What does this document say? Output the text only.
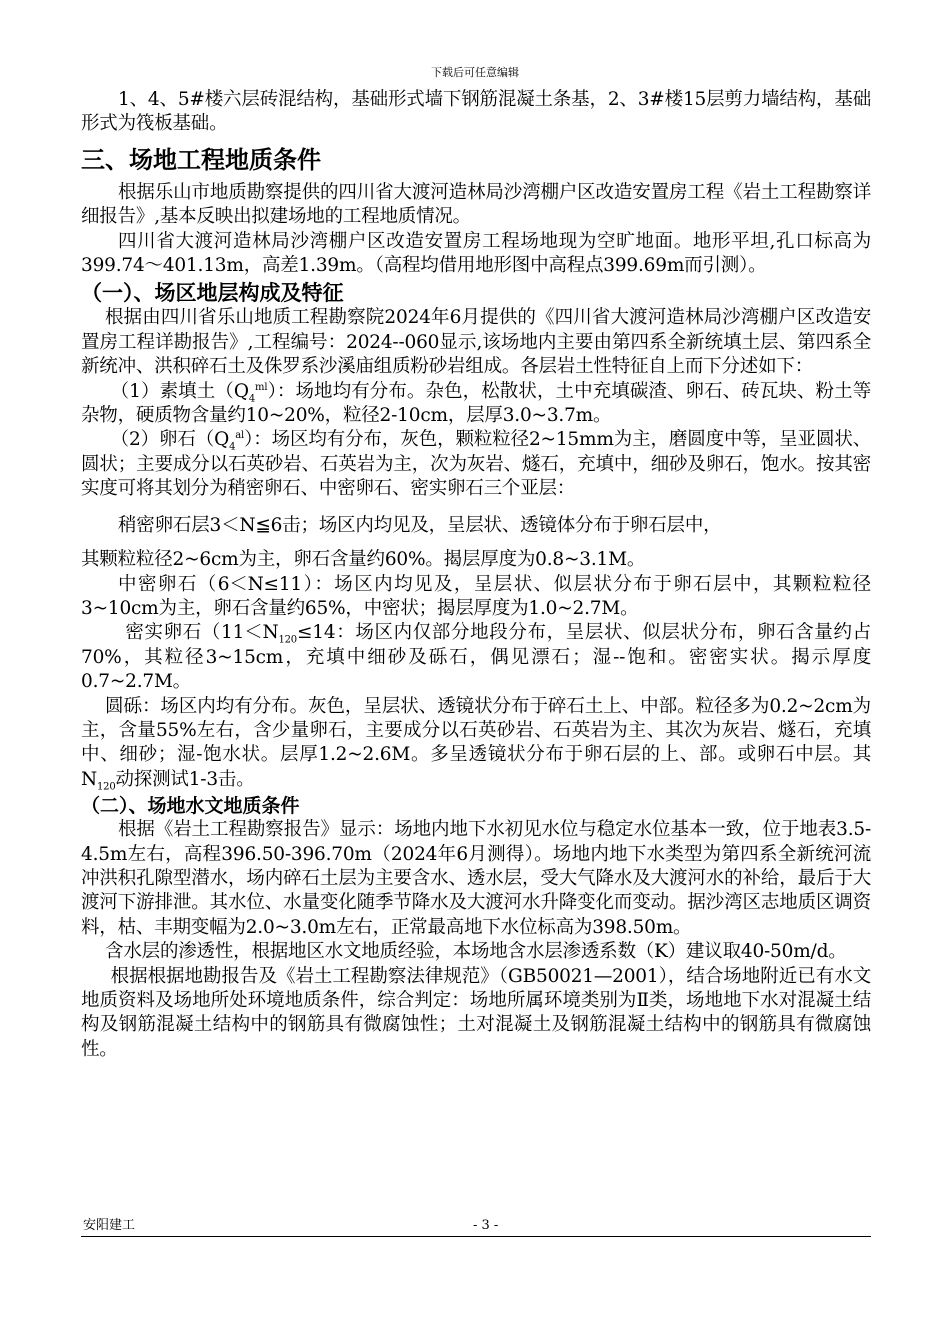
下载后可任意编辑

1、4、5#楼六层砖混结构，基础形式墙下钢筋混凝土条基，2、3#楼15层剪力墙结构，基础形式为筏板基础。

三、场地工程地质条件

根据乐山市地质勘察提供的四川省大渡河造林局沙湾棚户区改造安置房工程《岩土工程勘察详细报告》,基本反映出拟建场地的工程地质情况。

四川省大渡河造林局沙湾棚户区改造安置房工程场地现为空旷地面。地形平坦,孔口标高为399.74～401.13m，高差1.39m。（高程均借用地形图中高程点399.69m而引测）。

（一）、场区地层构成及特征

根据由四川省乐山地质工程勘察院2024年6月提供的《四川省大渡河造林局沙湾棚户区改造安置房工程详勘报告》,工程编号：2024--060显示,该场地内主要由第四系全新统填土层、第四系全新统冲、洪积碎石土及侏罗系沙溪庙组质粉砂岩组成。各层岩土性特征自上而下分述如下：

（1）素填土$(Q_4^{ml})$：场地均有分布。杂色，松散状，土中充填碳渣、卵石、砖瓦块、粉土等杂物，硬质物含量约10~20%，粒径2-10cm，层厚3.0~3.7m。

（2）卵石$(Q_4^{al})$：场区均有分布，灰色，颗粒粒径2~15mm为主，磨圆度中等，呈亚圆状、圆状；主要成分以石英砂岩、石英岩为主，次为灰岩、燧石，充填中，细砂及卵石，饱水。按其密实度可将其划分为稍密卵石、中密卵石、密实卵石三个亚层：

稍密卵石层3＜N≦6击；场区内均见及，呈层状、透镜体分布于卵石层中，

其颗粒粒径2~6cm为主，卵石含量约60%。揭层厚度为0.8~3.1M。

中密卵石（6＜N≤11）：场区内均见及，呈层状、似层状分布于卵石层中，其颗粒粒径3~10cm为主，卵石含量约65%，中密状；揭层厚度为1.0~2.7M。

密实卵石（$11<N_{120}\le 14$：场区内仅部分地段分布，呈层状、似层状分布，卵石含量约占70%，其粒径3~15cm，充填中细砂及砾石，偶见漂石；湿--饱和。密密实状。揭示厚度0.7~2.7M。

圆砾：场区内均有分布。灰色，呈层状、透镜状分布于碎石土上、中部。粒径多为0.2~2cm为主，含量55%左右，含少量卵石，主要成分以石英砂岩、石英岩为主、其次为灰岩、燧石，充填中、细砂；湿-饱水状。层厚1.2~2.6M。多呈透镜状分布于卵石层的上、部。或卵石中层。其$N_{120}$动探测试1-3击。

（二）、场地水文地质条件

根据《岩土工程勘察报告》显示：场地内地下水初见水位与稳定水位基本一致，位于地表3.5-4.5m左右，高程396.50-396.70m（2024年6月测得）。场地内地下水类型为第四系全新统河流冲洪积孔隙型潜水，场内碎石土层为主要含水、透水层，受大气降水及大渡河水的补给，最后于大渡河下游排泄。其水位、水量变化随季节降水及大渡河水升降变化而变动。据沙湾区志地质区调资料，枯、丰期变幅为2.0~3.0m左右，正常最高地下水位标高为398.50m。

含水层的渗透性，根据地区水文地质经验，本场地含水层渗透系数（K）建议取40-50m/d。

根据根据地勘报告及《岩土工程勘察法律规范》（GB50021—2001），结合场地附近已有水文地质资料及场地所处环境地质条件，综合判定：场地所属环境类别为Ⅱ类，场地地下水对混凝土结构及钢筋混凝土结构中的钢筋具有微腐蚀性；土对混凝土及钢筋混凝土结构中的钢筋具有微腐蚀性。

安阳建工	- 3 -
